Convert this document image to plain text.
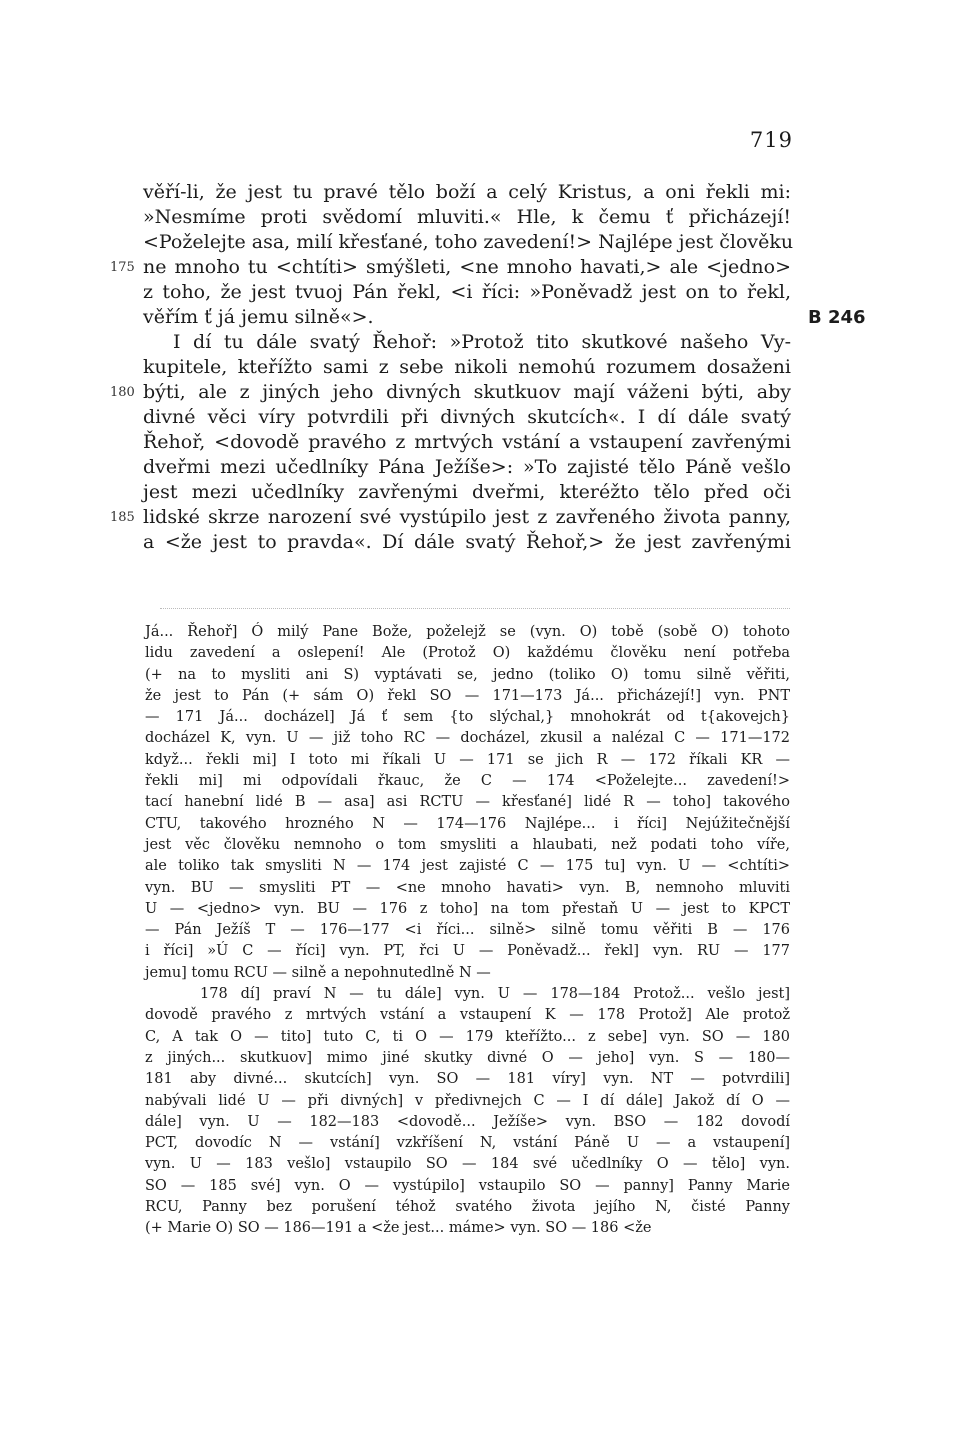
719
věří-li, že jest tu pravé tělo boží a celý Kristus, a oni řekli mi:
»Nesmíme proti svědomí mluviti.« Hle, k čemu ť přicházejí!
<Poželejte asa, milí křesťané, toho zavedení!> Najlépe jest člověku
ne mnoho tu <chtíti> smýšleti, <ne mnoho havati,> ale <jedno>
175
z toho, že jest tvuoj Pán řekl, <i říci: »Poněvadž jest on to řekl,
věřím ť já jemu silně«>.	B 246
I dí tu dále svatý Řehoř: »Protož tito skutkové našeho Vy-
kupitele, kteřížto sami z sebe nikoli nemohú rozumem dosaženi
býti, ale z jiných jeho divných skutkuov mají váženi býti, aby
180
divné věci víry potvrdili při divných skutcích«. I dí dále svatý
Řehoř, <dovodě pravého z mrtvých vstání a vstaupení zavřenými
dveřmi mezi učedlníky Pána Ježíše>: »To zajisté tělo Páně vešlo
jest mezi učedlníky zavřenými dveřmi, kteréžto tělo před oči
lidské skrze narození své vystúpilo jest z zavřeného života panny,
185
a <že jest to pravda«. Dí dále svatý Řehoř,> že jest zavřenými
Já... Řehoř] Ó milý Pane Bože, poželejž se (vyn. O) tobě (sobě O) tohoto
lidu zavedení a oslepení! Ale (Protož O) každému člověku není potřeba
(+ na to mysliti ani S) vyptávati se, jedno (toliko O) tomu silně věřiti,
že jest to Pán (+ sám O) řekl SO — 171—173 Já... přicházejí!] vyn. PNT
— 171 Já... docházel] Já ť sem {to slýchal,} mnohokrát od t{akovejch}
docházel K, vyn. U — již toho RC — docházel, zkusil a nalézal C — 171—172
když... řekli mi] I toto mi říkali U — 171 se jich R — 172 říkali KR —
řekli mi] mi odpovídali řkauc, že C — 174 <Poželejte... zavedení!>
tací hanební lidé B — asa] asi RCTU — křesťané] lidé R — toho] takového
CTU, takového hrozného N — 174—176 Najlépe... i říci] Nejúžitečnější
jest věc člověku nemnoho o tom smysliti a hlaubati, než podati toho víře,
ale toliko tak smysliti N — 174 jest zajisté C — 175 tu] vyn. U — <chtíti>
vyn. BU — smysliti PT — <ne mnoho havati> vyn. B, nemnoho mluviti
U — <jedno> vyn. BU — 176 z toho] na tom přestaň U — jest to KPCT
— Pán Ježíš T — 176—177 <i říci... silně> silně tomu věřiti B — 176
i říci] »Ú C — říci] vyn. PT, řci U — Poněvadž... řekl] vyn. RU — 177
jemu] tomu RCU — silně a nepohnutedlně N —
178 dí] praví N — tu dále] vyn. U — 178—184 Protož... vešlo jest]
dovodě pravého z mrtvých vstání a vstaupení K — 178 Protož] Ale protož
C, A tak O — tito] tuto C, ti O — 179 kteřížto... z sebe] vyn. SO — 180
z jiných... skutkuov] mimo jiné skutky divné O — jeho] vyn. S — 180—
181 aby divné... skutcích] vyn. SO — 181 víry] vyn. NT — potvrdili]
nabývali lidé U — při divných] v předivnejch C — I dí dále] Jakož dí O —
dále] vyn. U — 182—183 <dovodě... Ježíše> vyn. BSO — 182 dovodí
PCT, dovodíc N — vstání] vzkříšení N, vstání Páně U — a vstaupení]
vyn. U — 183 vešlo] vstaupilo SO — 184 své učedlníky O — tělo] vyn.
SO — 185 své] vyn. O — vystúpilo] vstaupilo SO — panny] Panny Marie
RCU, Panny bez porušení téhož svatého života jejího N, čisté Panny
(+ Marie O) SO — 186—191 a <že jest... máme> vyn. SO — 186 <že
